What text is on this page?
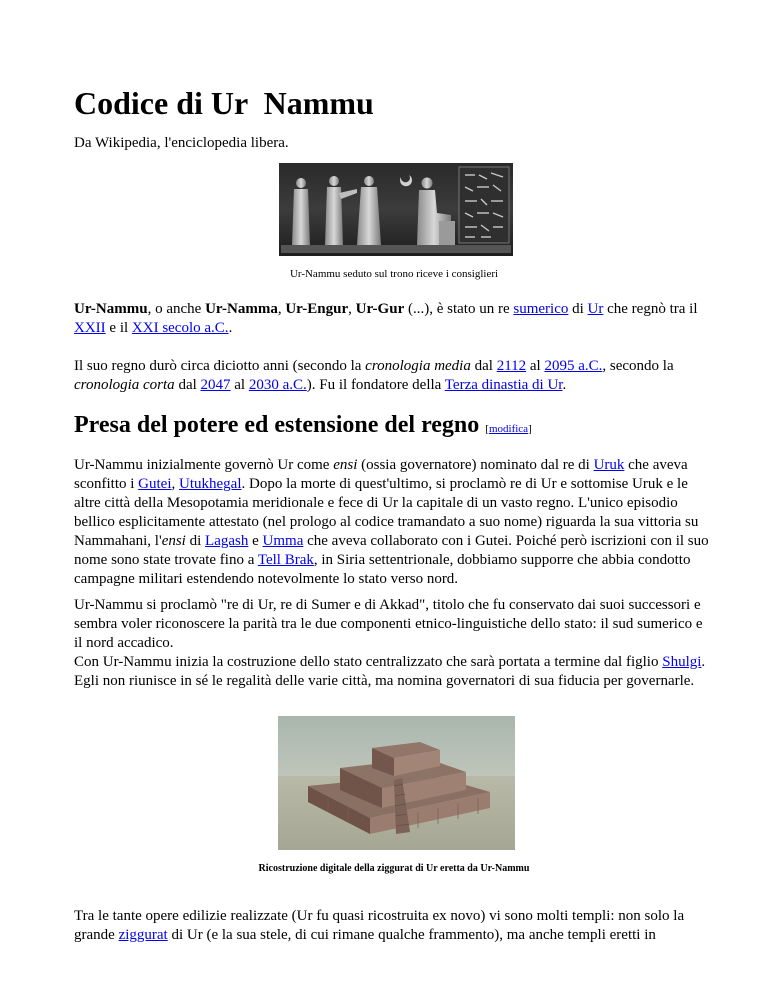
Codice di Ur  Nammu
Da Wikipedia, l'enciclopedia libera.
Ur-Nammu seduto sul trono riceve i consiglieri

Ur-Nammu, o anche Ur-Namma, Ur-Engur, Ur-Gur (...), è stato un re sumerico di Ur che regnò tra il XXII e il XXI secolo a.C..

Il suo regno durò circa diciotto anni (secondo la cronologia media dal 2112 al 2095 a.C., secondo la cronologia corta dal 2047 al 2030 a.C.). Fu il fondatore della Terza dinastia di Ur.

Presa del potere ed estensione del regno [modifica]

Ur-Nammu inizialmente governò Ur come ensi (ossia governatore) nominato dal re di Uruk che aveva sconfitto i Gutei, Utukhegal. Dopo la morte di quest'ultimo, si proclamò re di Ur e sottomise Uruk e le altre città della Mesopotamia meridionale e fece di Ur la capitale di un vasto regno. L'unico episodio bellico esplicitamente attestato (nel prologo al codice tramandato a suo nome) riguarda la sua vittoria su Nammahani, l'ensi di Lagash e Umma che aveva collaborato con i Gutei. Poiché però iscrizioni con il suo nome sono state trovate fino a Tell Brak, in Siria settentrionale, dobbiamo supporre che abbia condotto campagne militari estendendo notevolmente lo stato verso nord.

Ur-Nammu si proclamò "re di Ur, re di Sumer e di Akkad", titolo che fu conservato dai suoi successori e sembra voler riconoscere la parità tra le due componenti etnico-linguistiche dello stato: il sud sumerico e il nord accadico.

Con Ur-Nammu inizia la costruzione dello stato centralizzato che sarà portata a termine dal figlio Shulgi. Egli non riunisce in sé le regalità delle varie città, ma nomina governatori di sua fiducia per governarle.

Ricostruzione digitale della ziggurat di Ur eretta da Ur-Nammu

Tra le tante opere edilizie realizzate (Ur fu quasi ricostruita ex novo) vi sono molti templi: non solo la grande ziggurat di Ur (e la sua stele, di cui rimane qualche frammento), ma anche templi eretti in
